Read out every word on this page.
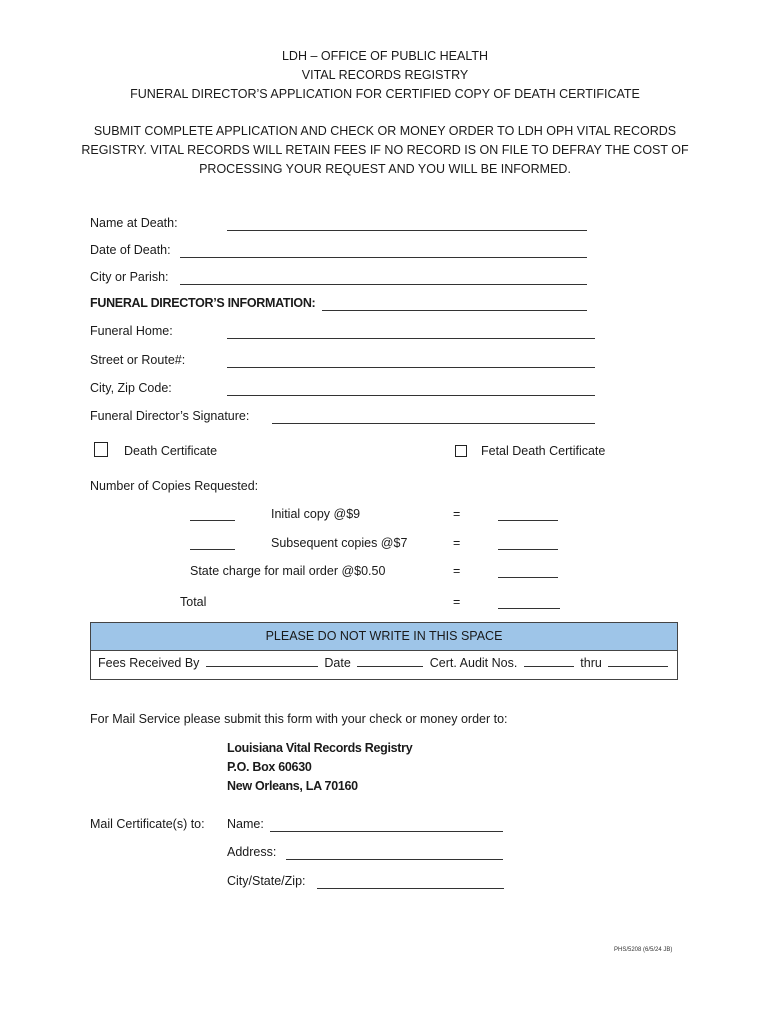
LDH – OFFICE OF PUBLIC HEALTH
VITAL RECORDS REGISTRY
FUNERAL DIRECTOR’S APPLICATION FOR CERTIFIED COPY OF DEATH CERTIFICATE
SUBMIT COMPLETE APPLICATION AND CHECK OR MONEY ORDER TO LDH OPH VITAL RECORDS
REGISTRY. VITAL RECORDS WILL RETAIN FEES IF NO RECORD IS ON FILE TO DEFRAY THE COST OF
PROCESSING YOUR REQUEST AND YOU WILL BE INFORMED.
Name at Death:
Date of Death:
City or Parish:
FUNERAL DIRECTOR’S INFORMATION:
Funeral Home:
Street or Route#:
City, Zip Code:
Funeral Director’s Signature:
Death Certificate	Fetal Death Certificate
Number of Copies Requested:
Initial copy @$9	=
Subsequent copies @$7	=
State charge for mail order @$0.50	=
Total	=
PLEASE DO NOT WRITE IN THIS SPACE
Fees Received By	Date	Cert. Audit Nos.	thru
For Mail Service please submit this form with your check or money order to:
Louisiana Vital Records Registry
P.O. Box 60630
New Orleans, LA 70160
Mail Certificate(s) to: Name:
Address:
City/State/Zip:
PHS/5208 (6/5/24 JB)
